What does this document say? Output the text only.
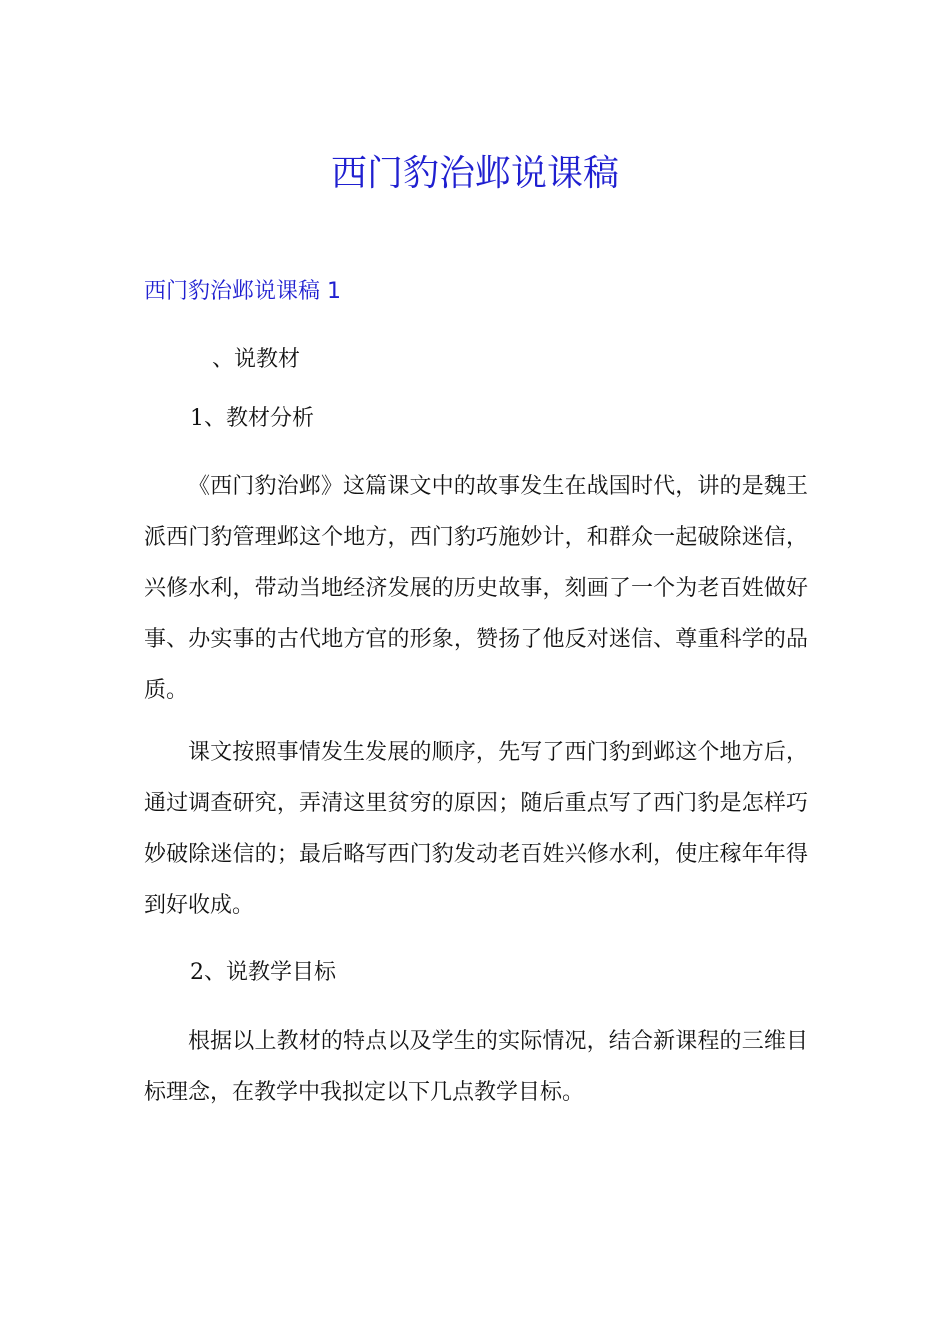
西门豹治邺说课稿
西门豹治邺说课稿 1

、说教材

1、教材分析

《西门豹治邺》这篇课文中的故事发生在战国时代，讲的是魏王派西门豹管理邺这个地方，西门豹巧施妙计，和群众一起破除迷信，兴修水利，带动当地经济发展的历史故事，刻画了一个为老百姓做好事、办实事的古代地方官的形象，赞扬了他反对迷信、尊重科学的品质。

课文按照事情发生发展的顺序，先写了西门豹到邺这个地方后，通过调查研究，弄清这里贫穷的原因；随后重点写了西门豹是怎样巧妙破除迷信的；最后略写西门豹发动老百姓兴修水利，使庄稼年年得到好收成。

2、说教学目标

根据以上教材的特点以及学生的实际情况，结合新课程的三维目标理念，在教学中我拟定以下几点教学目标。
